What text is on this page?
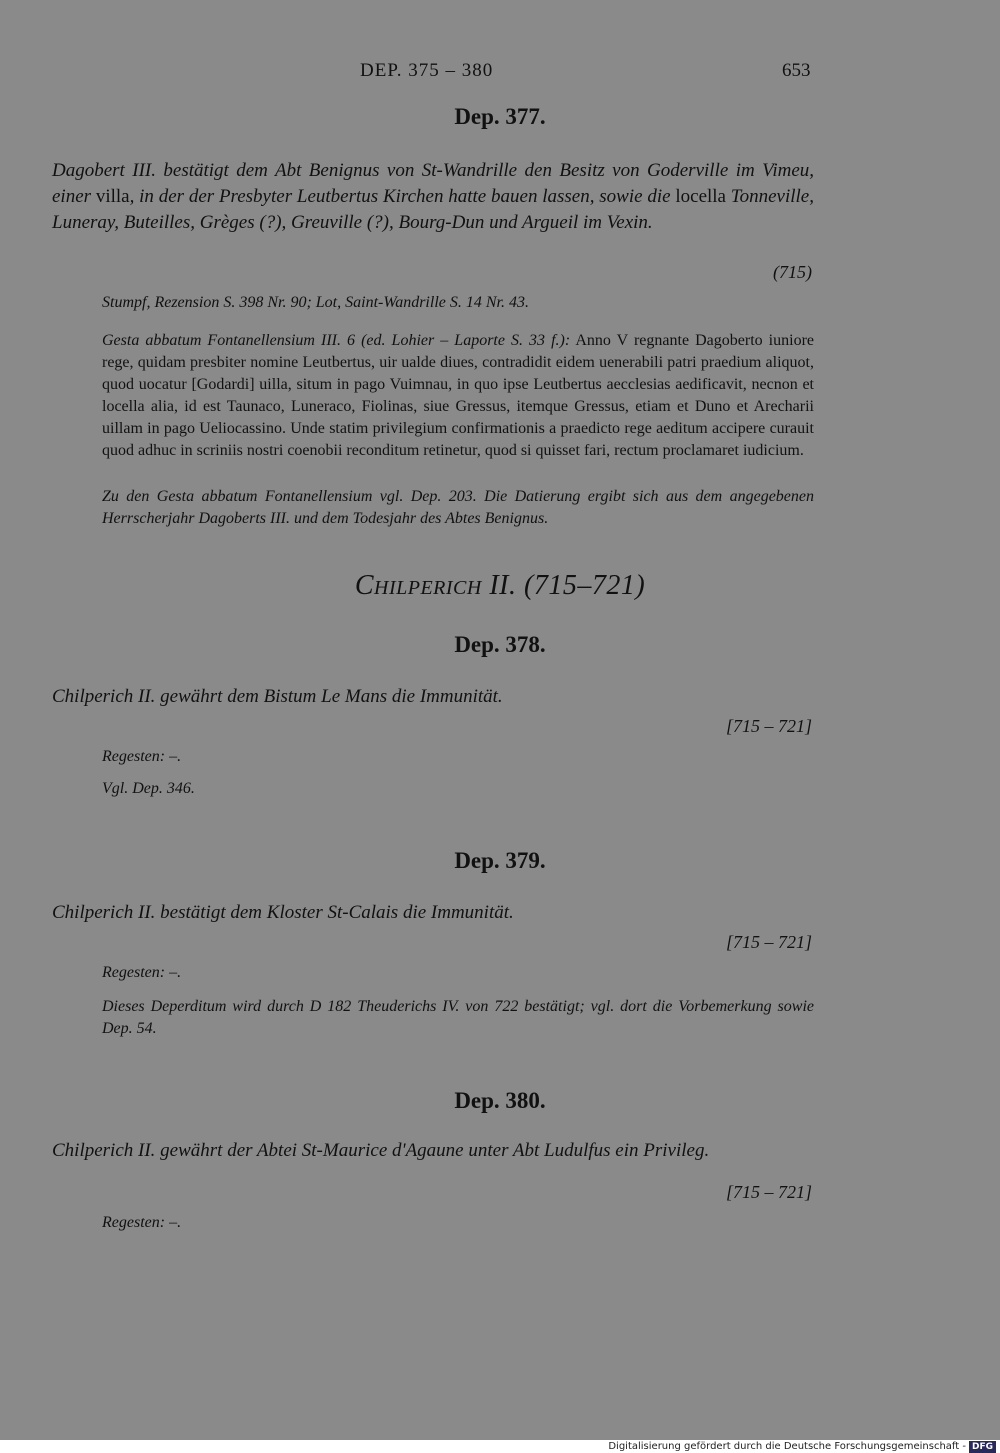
DEP. 375 – 380	653
Dep. 377.
Dagobert III. bestätigt dem Abt Benignus von St-Wandrille den Besitz von Goderville im Vimeu, einer villa, in der der Presbyter Leutbertus Kirchen hatte bauen lassen, sowie die locella Tonneville, Luneray, Buteilles, Grèges (?), Greuville (?), Bourg-Dun und Argueil im Vexin.
(715)
Stumpf, Rezension S. 398 Nr. 90; Lot, Saint-Wandrille S. 14 Nr. 43.
Gesta abbatum Fontanellensium III. 6 (ed. Lohier – Laporte S. 33 f.): Anno V regnante Dagoberto iuniore rege, quidam presbiter nomine Leutbertus, uir ualde diues, contradidit eidem uenerabili patri praedium aliquot, quod uocatur [Godardi] uilla, situm in pago Vuimnau, in quo ipse Leutbertus aecclesias aedificavit, necnon et locella alia, id est Taunaco, Luneraco, Fiolinas, siue Gressus, itemque Gressus, etiam et Duno et Arecharii uillam in pago Ueliocassino. Unde statim privilegium confirmationis a praedicto rege aeditum accipere curauit quod adhuc in scriniis nostri coenobii reconditum retinetur, quod si quisset fari, rectum proclamaret iudicium.
Zu den Gesta abbatum Fontanellensium vgl. Dep. 203. Die Datierung ergibt sich aus dem angegebenen Herrscherjahr Dagoberts III. und dem Todesjahr des Abtes Benignus.
Chilperich II. (715–721)
Dep. 378.
Chilperich II. gewährt dem Bistum Le Mans die Immunität.
[715 – 721]
Regesten: –.
Vgl. Dep. 346.
Dep. 379.
Chilperich II. bestätigt dem Kloster St-Calais die Immunität.
[715 – 721]
Regesten: –.
Dieses Deperditum wird durch D 182 Theuderichs IV. von 722 bestätigt; vgl. dort die Vorbemerkung sowie Dep. 54.
Dep. 380.
Chilperich II. gewährt der Abtei St-Maurice d'Agaune unter Abt Ludulfus ein Privileg.
[715 – 721]
Regesten: –.
Digitalisierung gefördert durch die Deutsche Forschungsgemeinschaft - DFG
